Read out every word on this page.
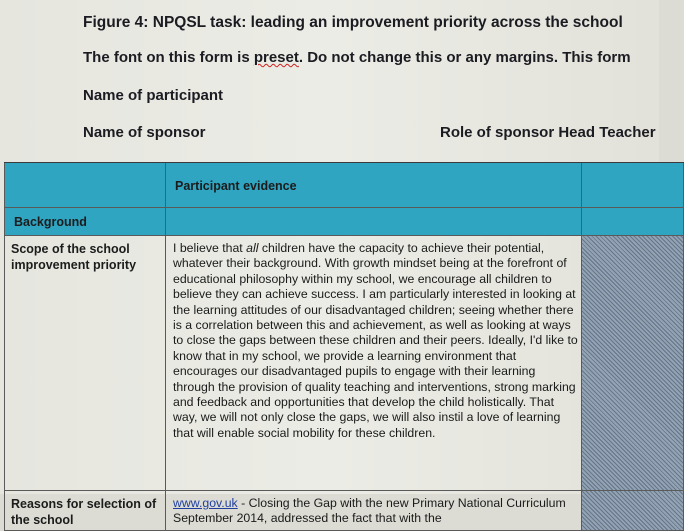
Figure 4: NPQSL task: leading an improvement priority across the school
The font on this form is preset. Do not change this or any margins. This form
Name of participant
Name of sponsor	Role of sponsor Head Teacher
Participant evidence
Background
Scope of the school improvement priority
I believe that all children have the capacity to achieve their potential, whatever their background. With growth mindset being at the forefront of educational philosophy within my school, we encourage all children to believe they can achieve success. I am particularly interested in looking at the learning attitudes of our disadvantaged children; seeing whether there is a correlation between this and achievement, as well as looking at ways to close the gaps between these children and their peers. Ideally, I'd like to know that in my school, we provide a learning environment that encourages our disadvantaged pupils to engage with their learning through the provision of quality teaching and interventions, strong marking and feedback and opportunities that develop the child holistically. That way, we will not only close the gaps, we will also instil a love of learning that will enable social mobility for these children.
Reasons for selection of the school
www.gov.uk - Closing the Gap with the new Primary National Curriculum September 2014, addressed the fact that with the
